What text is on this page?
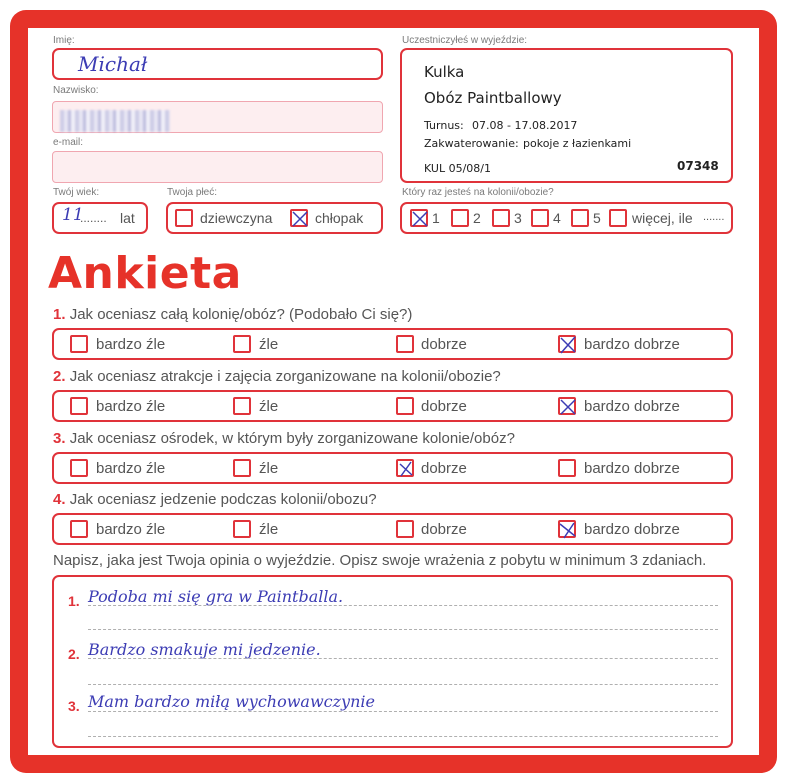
Imię:
Michał
Nazwisko:
e-mail:
Twój wiek:
11
........ lat
Twoja płeć:
dziewczyna	chłopak
Uczestniczyłeś w wyjeździe:
Kulka
Obóz Paintballowy
Turnus: 07.08 - 17.08.2017
Zakwaterowanie: pokoje z łazienkami
KUL 05/08/1	07348
Który raz jesteś na kolonii/obozie?
1 2 3 4 5 więcej, ile .......
Ankieta
1. Jak oceniasz całą kolonię/obóz? (Podobało Ci się?)
bardzo źle	źle	dobrze	bardzo dobrze
2. Jak oceniasz atrakcje i zajęcia zorganizowane na kolonii/obozie?
bardzo źle	źle	dobrze	bardzo dobrze
3. Jak oceniasz ośrodek, w którym były zorganizowane kolonie/obóz?
bardzo źle	źle	dobrze	bardzo dobrze
4. Jak oceniasz jedzenie podczas kolonii/obozu?
bardzo źle	źle	dobrze	bardzo dobrze
Napisz, jaka jest Twoja opinia o wyjeździe. Opisz swoje wrażenia z pobytu w minimum 3 zdaniach.
1. Podoba mi się gra w Paintballa.
2. Bardzo smakuje mi jedzenie.
3. Mam bardzo miłą wychowawczynie
